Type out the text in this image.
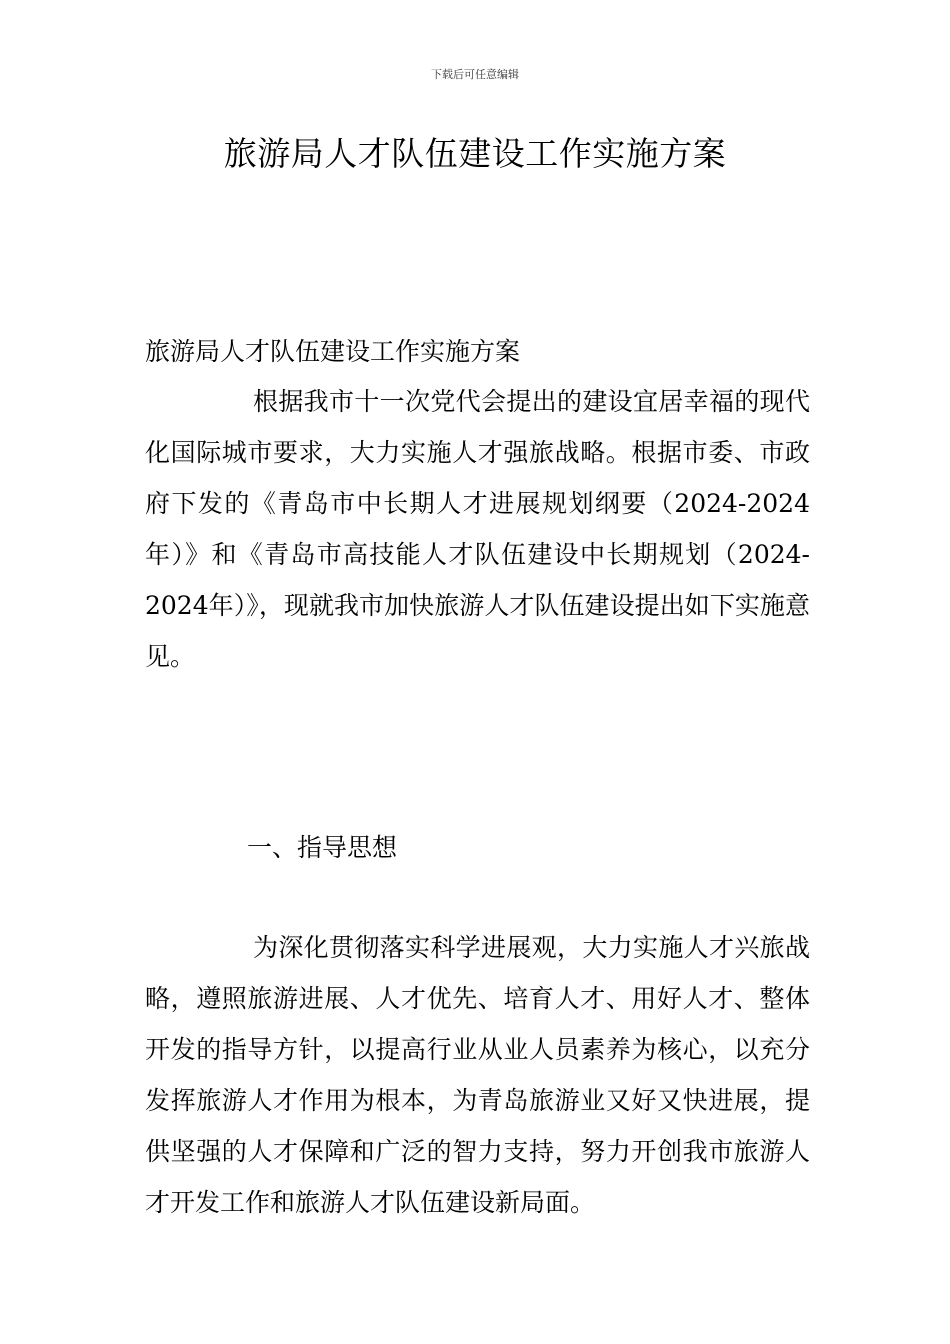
下载后可任意编辑
旅游局人才队伍建设工作实施方案

旅游局人才队伍建设工作实施方案

根据我市十一次党代会提出的建设宜居幸福的现代化国际城市要求，大力实施人才强旅战略。根据市委、市政府下发的《青岛市中长期人才进展规划纲要（2024-2024年）》和《青岛市高技能人才队伍建设中长期规划（2024-2024年）》，现就我市加快旅游人才队伍建设提出如下实施意见。

一、指导思想

为深化贯彻落实科学进展观，大力实施人才兴旅战略，遵照旅游进展、人才优先、培育人才、用好人才、整体开发的指导方针，以提高行业从业人员素养为核心，以充分发挥旅游人才作用为根本，为青岛旅游业又好又快进展，提供坚强的人才保障和广泛的智力支持，努力开创我市旅游人才开发工作和旅游人才队伍建设新局面。
